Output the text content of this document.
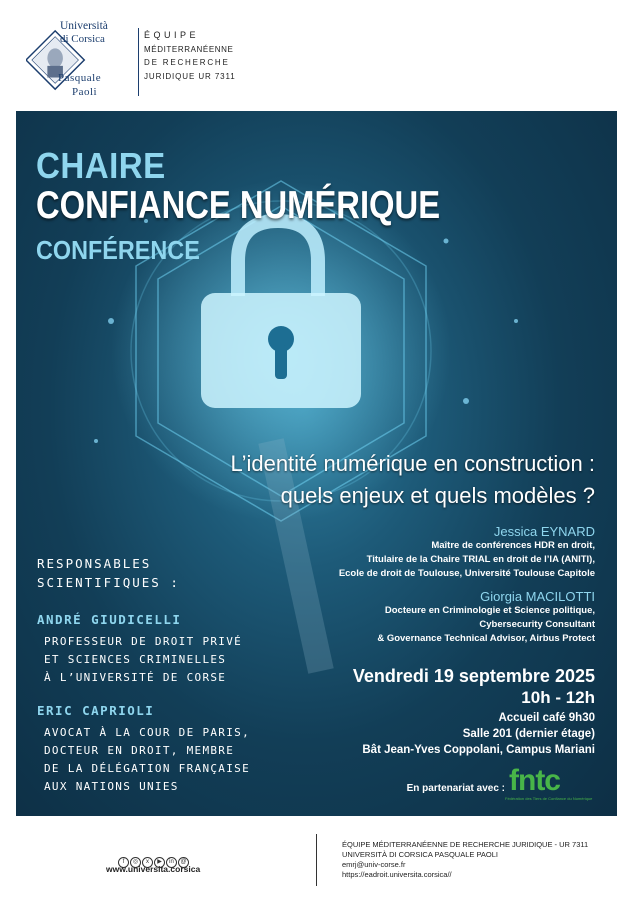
Università
di Corsica
Pasquale
Paoli
ÉQUIPE
MÉDITERRANÉENNE
DE RECHERCHE
JURIDIQUE UR 7311
fundazione
Università di Corsica
Pasquale Paoli
CHAIRE
CONFIANCE NUMÉRIQUE
CONFÉRENCE
L’identité numérique en construction :
quels enjeux et quels modèles ?
Jessica EYNARD
Maître de conférences HDR en droit,
Titulaire de la Chaire TRIAL en droit de l’IA (ANITI),
Ecole de droit de Toulouse, Université Toulouse Capitole
Giorgia MACILOTTI
Docteure en Criminologie et Science politique,
Cybersecurity Consultant
& Governance Technical Advisor, Airbus Protect
RESPONSABLES
SCIENTIFIQUES :
ANDRÉ GIUDICELLI
PROFESSEUR DE DROIT PRIVÉ
ET SCIENCES CRIMINELLES
À L’UNIVERSITÉ DE CORSE
ERIC CAPRIOLI
AVOCAT À LA COUR DE PARIS,
DOCTEUR EN DROIT, MEMBRE
DE LA DÉLÉGATION FRANÇAISE
AUX NATIONS UNIES
Vendredi 19 septembre 2025
10h - 12h
Accueil café 9h30
Salle 201 (dernier étage)
Bât Jean-Yves Coppolani, Campus Mariani
En partenariat avec : fntc
Fédération des Tiers de Confiance du Numérique
f ◎ x ▶ in @
www.universita.corsica
ÉQUIPE MÉDITERRANÉENNE DE RECHERCHE JURIDIQUE - UR 7311
UNIVERSITÀ DI CORSICA PASQUALE PAOLI
emrj@univ-corse.fr
https://eadroit.universita.corsica//
